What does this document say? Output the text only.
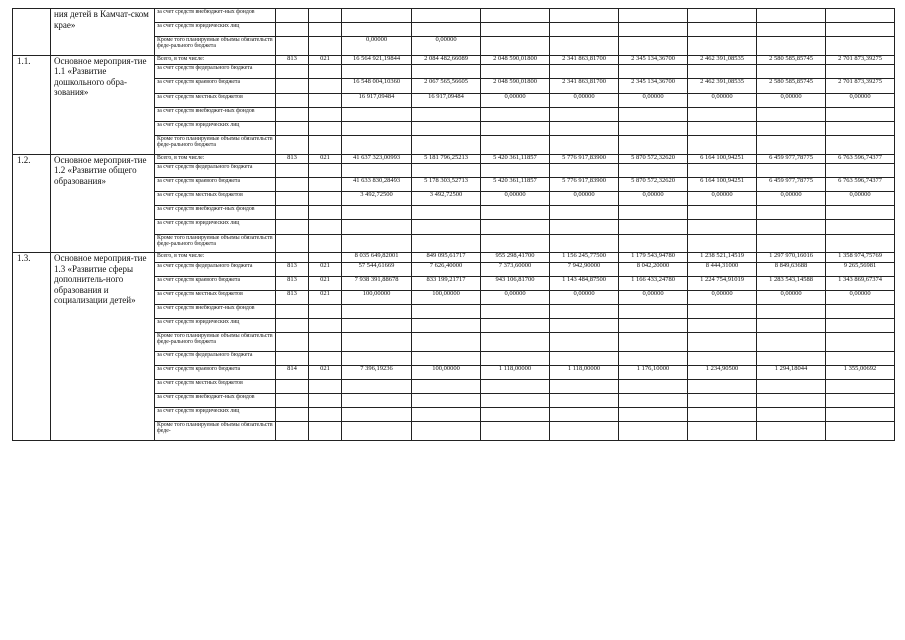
	ния детей в Камчат-ском крае»	за счет средств внебюджет-ных фондов										
		за счет средств юридических лиц										
		Кроме того планируемые объемы обязательств феде-рального бюджета			0,00000	0,00000						
1.1.	Основное мероприя-тие 1.1 «Развитие дошкольного обра-зования»	Всего, в том числе:	813	021	16 564 921,19844	2 084 482,66089	2 048 590,01800	2 341 863,81700	2 345 134,36700	2 462 391,08535	2 580 585,85745	2 701 873,39275
		за счет средств федерального бюджета										
		за счет средств краевого бюджета			16 548 004,10360	2 067 565,56605	2 048 590,01800	2 341 863,81700	2 345 134,36700	2 462 391,08535	2 580 585,85745	2 701 873,39275
		за счет средств местных бюджетов			16 917,09484	16 917,09484	0,00000	0,00000	0,00000	0,00000	0,00000	0,00000
		за счет средств внебюджет-ных фондов										
		за счет средств юридических лиц										
		Кроме того планируемые объемы обязательств феде-рального бюджета										
1.2.	Основное мероприя-тие 1.2 «Развитие общего образования»	Всего, в том числе:	813	021	41 637 323,00993	5 181 796,25213	5 420 361,11857	5 776 917,83900	5 870 572,32620	6 164 100,94251	6 459 977,78775	6 763 596,74377
		за счет средств федерального бюджета										
		за счет средств краевого бюджета			41 633 830,28493	5 178 303,52713	5 420 361,11857	5 776 917,83900	5 870 572,32620	6 164 100,94251	6 459 977,78775	6 763 596,74377
		за счет средств местных бюджетов			3 492,72500	3 492,72500	0,00000	0,00000	0,00000	0,00000	0,00000	0,00000
		за счет средств внебюджет-ных фондов										
		за счет средств юридических лиц										
		Кроме того планируемые объемы обязательств феде-рального бюджета										
1.3.	Основное мероприя-тие 1.3 «Развитие сферы дополнитель-ного образования и социализации детей»	Всего, в том числе:			8 035 649,82001	849 095,61717	955 298,41700	1 156 245,77500	1 179 543,94780	1 238 521,14519	1 297 970,16016	1 358 974,75769
		за счет средств федерального бюджета	813	021	57 544,61669	7 626,40000	7 373,60000	7 942,90000	8 042,20000	8 444,31000	8 849,63688	9 265,56981
		за счет средств краевого бюджета	813	021	7 938 391,88678	833 199,21717	943 106,81700	1 143 484,87500	1 166 433,24780	1 224 754,91019	1 283 543,14588	1 343 869,67374
		за счет средств местных бюджетов	813	021	100,00000	100,00000	0,00000	0,00000	0,00000	0,00000	0,00000	0,00000
		за счет средств внебюджет-ных фондов										
		за счет средств юридических лиц										
		Кроме того планируемые объемы обязательств феде-рального бюджета										
		за счет средств федерального бюджета										
		за счет средств краевого бюджета	814	021	7 396,19236	100,00000	1 118,00000	1 118,00000	1 176,10000	1 234,90500	1 294,18044	1 355,00692
		за счет средств местных бюджетов										
		за счет средств внебюджет-ных фондов										
		за счет средств юридических лиц										
		Кроме того планируемые объемы обязательств феде-										
